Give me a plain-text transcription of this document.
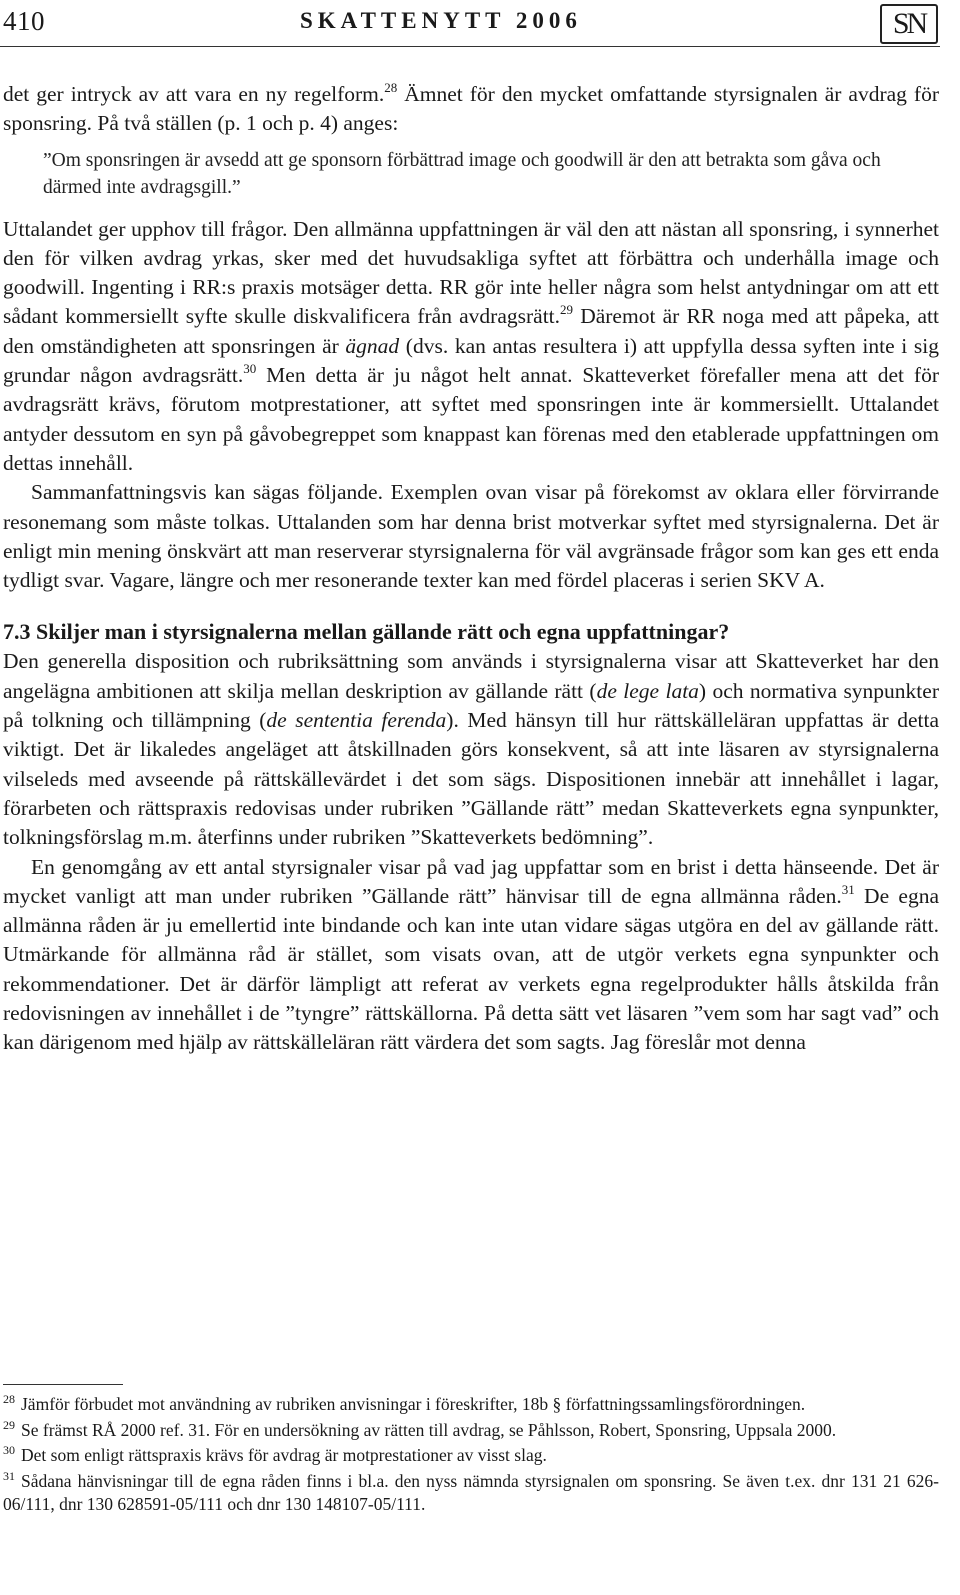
410	SKATTENYTT 2006	SN

det ger intryck av att vara en ny regelform.$^{28}$ Ämnet för den mycket omfattande styrsignalen är avdrag för sponsring. På två ställen (p. 1 och p. 4) anges:

”Om sponsringen är avsedd att ge sponsorn förbättrad image och goodwill är den att betrakta som gåva och därmed inte avdragsgill.”

Uttalandet ger upphov till frågor. Den allmänna uppfattningen är väl den att nästan all sponsring, i synnerhet den för vilken avdrag yrkas, sker med det huvudsakliga syftet att förbättra och underhålla image och goodwill. Ingenting i RR:s praxis motsäger detta. RR gör inte heller några som helst antydningar om att ett sådant kommersiellt syfte skulle diskvalificera från avdragsrätt.$^{29}$ Däremot är RR noga med att påpeka, att den omständigheten att sponsringen är ägnad (dvs. kan antas resultera i) att uppfylla dessa syften inte i sig grundar någon avdragsrätt.$^{30}$ Men detta är ju något helt annat. Skatteverket förefaller mena att det för avdragsrätt krävs, förutom motprestationer, att syftet med sponsringen inte är kommersiellt. Uttalandet antyder dessutom en syn på gåvobegreppet som knappast kan förenas med den etablerade uppfattningen om dettas innehåll.

Sammanfattningsvis kan sägas följande. Exemplen ovan visar på förekomst av oklara eller förvirrande resonemang som måste tolkas. Uttalanden som har denna brist motverkar syftet med styrsignalerna. Det är enligt min mening önskvärt att man reserverar styrsignalerna för väl avgränsade frågor som kan ges ett enda tydligt svar. Vagare, längre och mer resonerande texter kan med fördel placeras i serien SKV A.

7.3 Skiljer man i styrsignalerna mellan gällande rätt och egna uppfattningar?

Den generella disposition och rubriksättning som används i styrsignalerna visar att Skatteverket har den angelägna ambitionen att skilja mellan deskription av gällande rätt (de lege lata) och normativa synpunkter på tolkning och tillämpning (de sententia ferenda). Med hänsyn till hur rättskälleläran uppfattas är detta viktigt. Det är likaledes angeläget att åtskillnaden görs konsekvent, så att inte läsaren av styrsignalerna vilseleds med avseende på rättskällevärdet i det som sägs. Dispositionen innebär att innehållet i lagar, förarbeten och rättspraxis redovisas under rubriken ”Gällande rätt” medan Skatteverkets egna synpunkter, tolkningsförslag m.m. återfinns under rubriken ”Skatteverkets bedömning”.

En genomgång av ett antal styrsignaler visar på vad jag uppfattar som en brist i detta hänseende. Det är mycket vanligt att man under rubriken ”Gällande rätt” hänvisar till de egna allmänna råden.$^{31}$ De egna allmänna råden är ju emellertid inte bindande och kan inte utan vidare sägas utgöra en del av gällande rätt. Utmärkande för allmänna råd är stället, som visats ovan, att de utgör verkets egna synpunkter och rekommendationer. Det är därför lämpligt att referat av verkets egna regelprodukter hålls åtskilda från redovisningen av innehållet i de ”tyngre” rättskällorna. På detta sätt vet läsaren ”vem som har sagt vad” och kan därigenom med hjälp av rättskälleläran rätt värdera det som sagts. Jag föreslår mot denna

$^{28}$ Jämför förbudet mot användning av rubriken anvisningar i föreskrifter, 18b § författningssamlingsförordningen.

$^{29}$ Se främst RÅ 2000 ref. 31. För en undersökning av rätten till avdrag, se Påhlsson, Robert, Sponsring, Uppsala 2000.

$^{30}$ Det som enligt rättspraxis krävs för avdrag är motprestationer av visst slag.

$^{31}$ Sådana hänvisningar till de egna råden finns i bl.a. den nyss nämnda styrsignalen om sponsring. Se även t.ex. dnr 131 21 626-06/111, dnr 130 628591-05/111 och dnr 130 148107-05/111.
